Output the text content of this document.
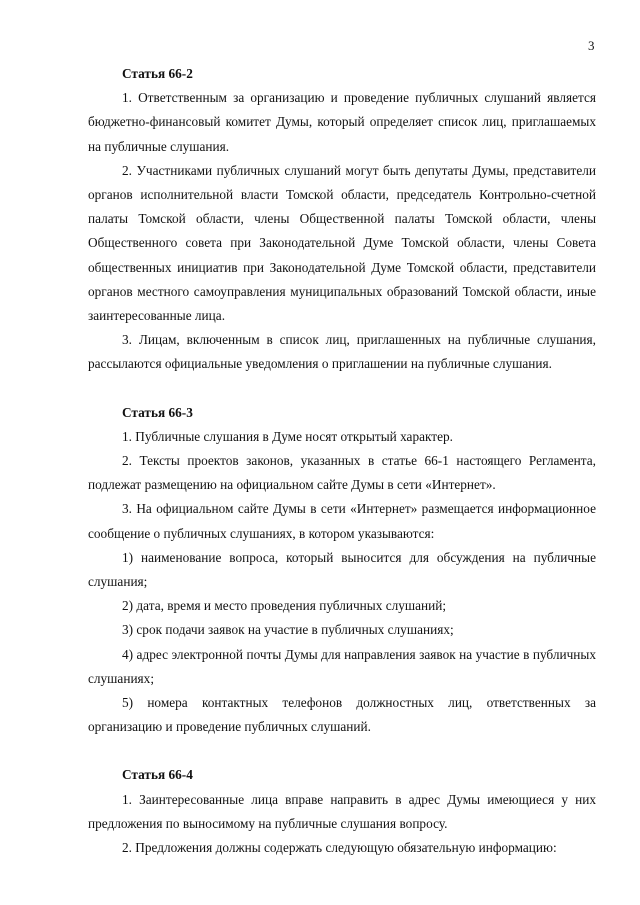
3
Статья 66-2

1. Ответственным за организацию и проведение публичных слушаний является бюджетно-финансовый комитет Думы, который определяет список лиц, приглашаемых на публичные слушания.

2. Участниками публичных слушаний могут быть депутаты Думы, представители органов исполнительной власти Томской области, председатель Контрольно-счетной палаты Томской области, члены Общественной палаты Томской области, члены Общественного совета при Законодательной Думе Томской области, члены Совета общественных инициатив при Законодательной Думе Томской области, представители органов местного самоуправления муниципальных образований Томской области, иные заинтересованные лица.

3. Лицам, включенным в список лиц, приглашенных на публичные слушания, рассылаются официальные уведомления о приглашении на публичные слушания.

Статья 66-3

1. Публичные слушания в Думе носят открытый характер.

2. Тексты проектов законов, указанных в статье 66-1 настоящего Регламента, подлежат размещению на официальном сайте Думы в сети «Интернет».

3. На официальном сайте Думы в сети «Интернет» размещается информационное сообщение о публичных слушаниях, в котором указываются:

1) наименование вопроса, который выносится для обсуждения на публичные слушания;

2) дата, время и место проведения публичных слушаний;

3) срок подачи заявок на участие в публичных слушаниях;

4) адрес электронной почты Думы для направления заявок на участие в публичных слушаниях;

5) номера контактных телефонов должностных лиц, ответственных за организацию и проведение публичных слушаний.

Статья 66-4

1. Заинтересованные лица вправе направить в адрес Думы имеющиеся у них предложения по выносимому на публичные слушания вопросу.

2. Предложения должны содержать следующую обязательную информацию:
